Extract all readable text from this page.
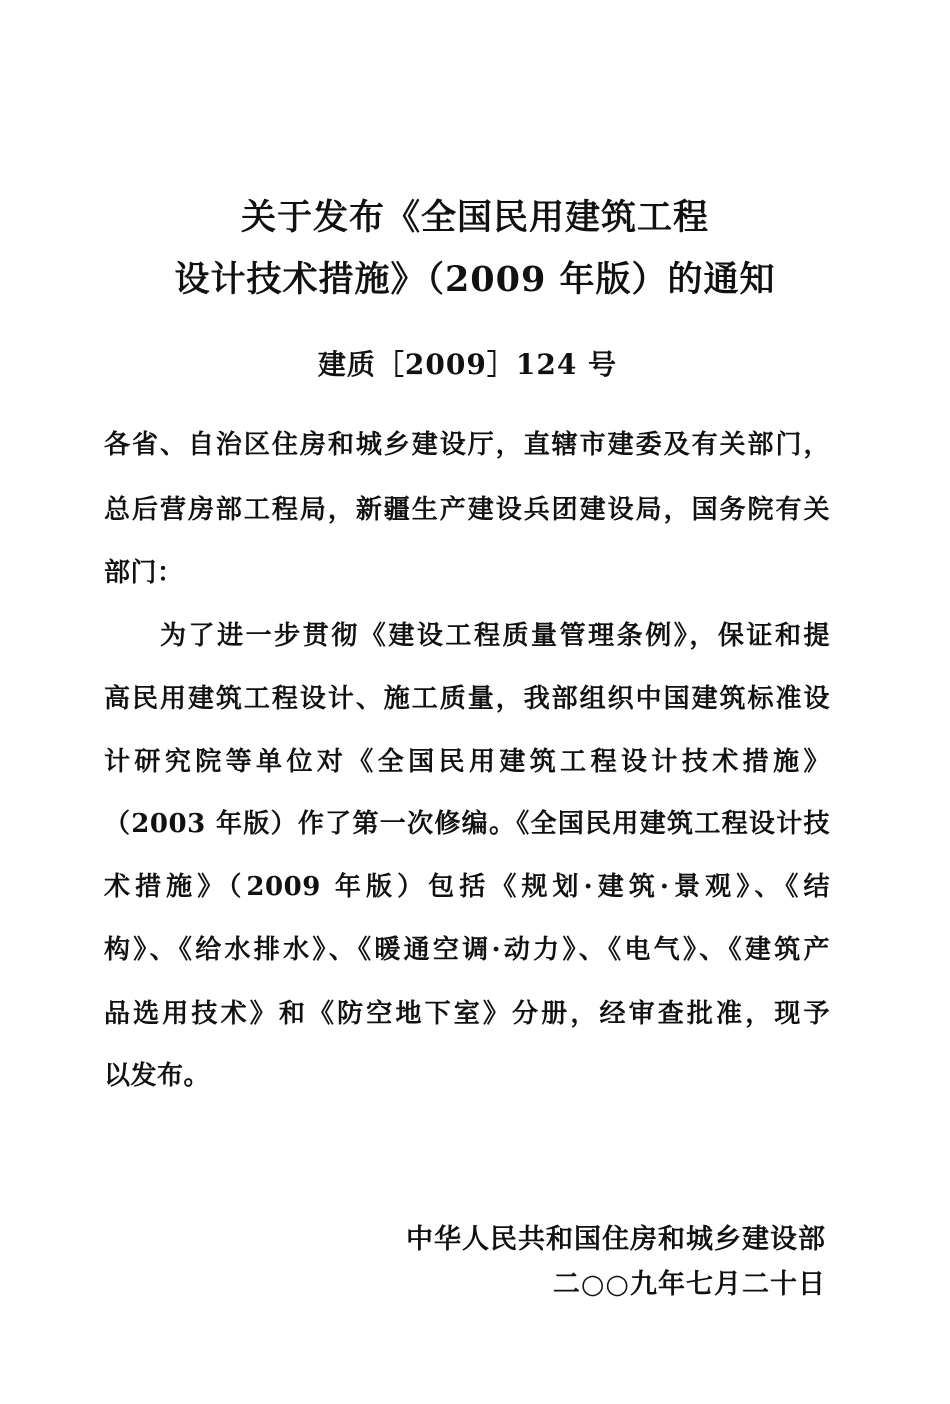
关于发布《全国民用建筑工程
设计技术措施》（2009 年版）的通知

建质［2009］124 号

各省、自治区住房和城乡建设厅，直辖市建委及有关部门，

总后营房部工程局，新疆生产建设兵团建设局，国务院有关

部门：

为了进一步贯彻《建设工程质量管理条例》，保证和提

高民用建筑工程设计、施工质量，我部组织中国建筑标准设

计研究院等单位对《全国民用建筑工程设计技术措施》

（2003 年版）作了第一次修编。《全国民用建筑工程设计技

术措施》（2009 年版）包括《规划·建筑·景观》、《结

构》、《给水排水》、《暖通空调·动力》、《电气》、《建筑产

品选用技术》和《防空地下室》分册，经审查批准，现予

以发布。

中华人民共和国住房和城乡建设部

二○○九年七月二十日
